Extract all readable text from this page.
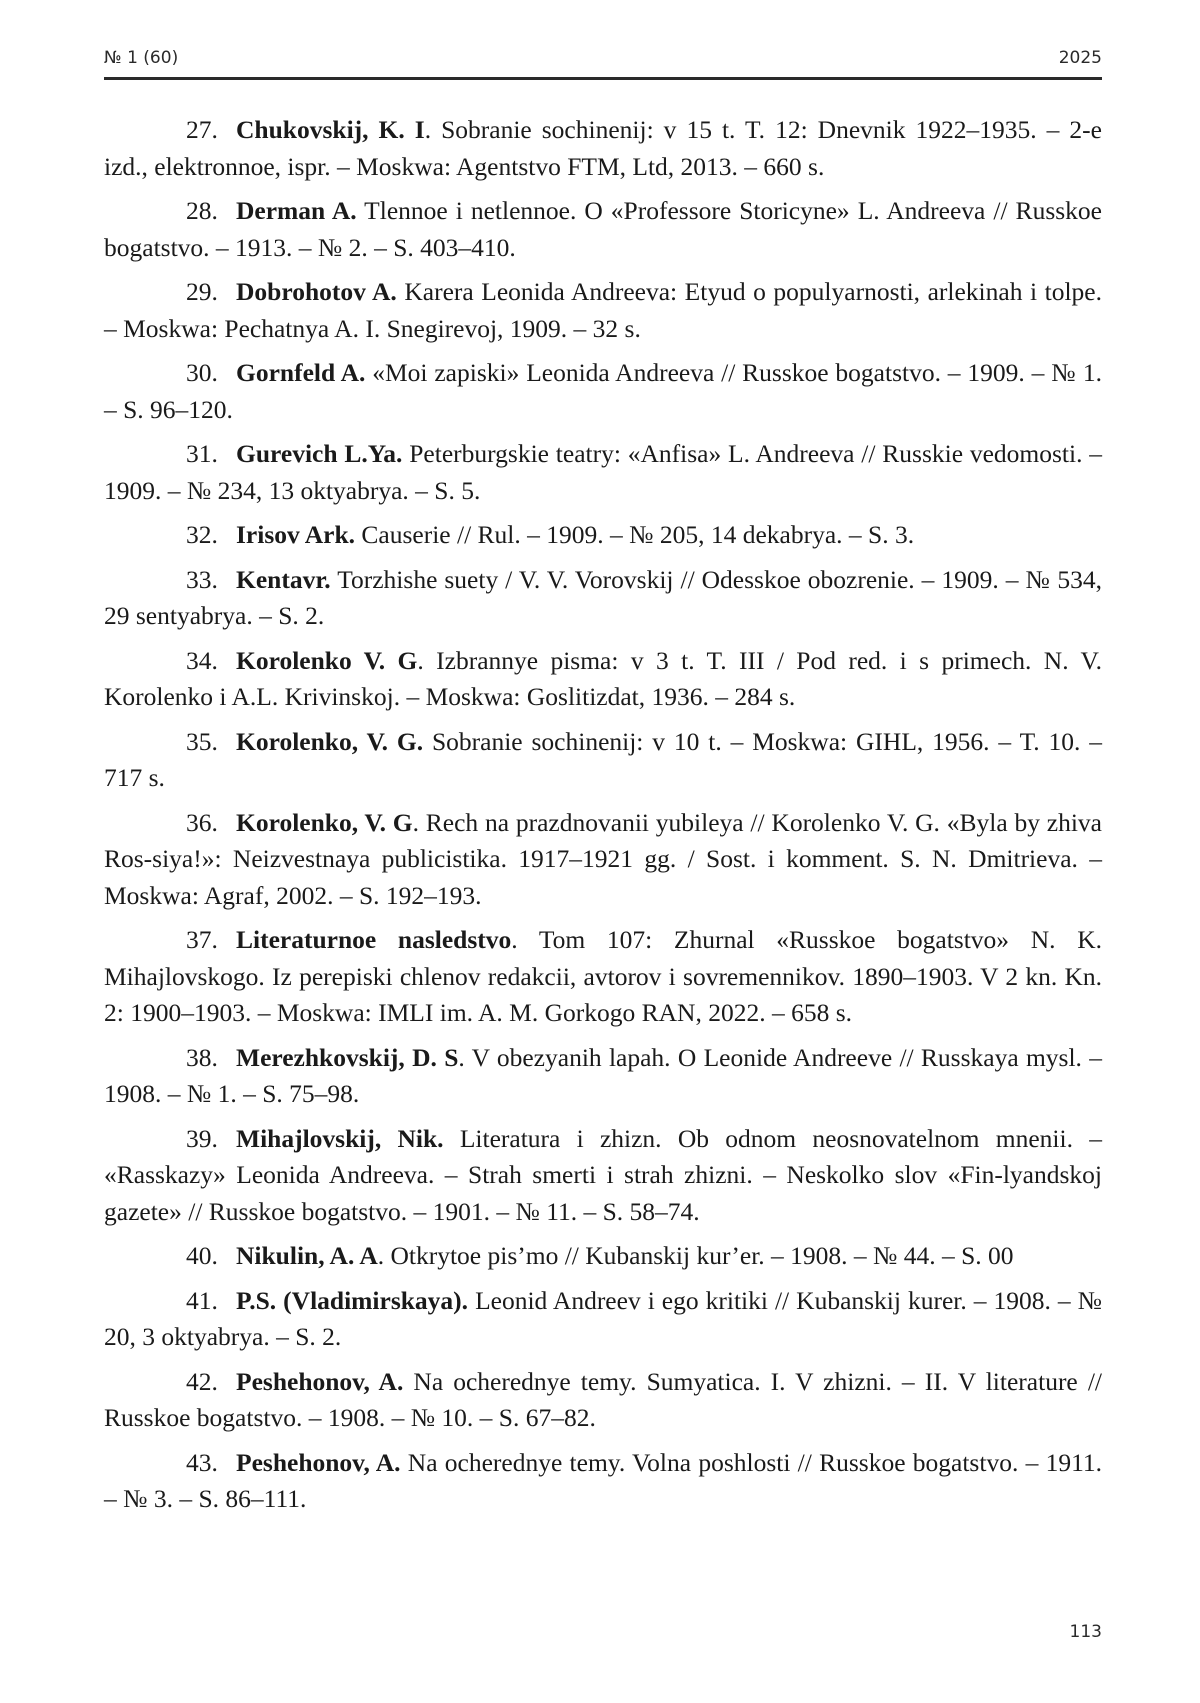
№ 1 (60)	2025

27. Chukovskij, K. I. Sobranie sochinenij: v 15 t. T. 12: Dnevnik 1922–1935. – 2-e izd., elektronnoe, ispr. – Moskwa: Agentstvo FTM, Ltd, 2013. – 660 s.

28. Derman A. Tlennoe i netlennoe. O «Professore Storicyne» L. Andreeva // Russkoe bogatstvo. – 1913. – № 2. – S. 403–410.

29. Dobrohotov A. Karera Leonida Andreeva: Etyud o populyarnosti, arlekinah i tolpe. – Moskwa: Pechatnya A. I. Snegirevoj, 1909. – 32 s.

30. Gornfeld A. «Moi zapiski» Leonida Andreeva // Russkoe bogatstvo. – 1909. – № 1. – S. 96–120.

31. Gurevich L.Ya. Peterburgskie teatry: «Anfisa» L. Andreeva // Russkie vedomosti. – 1909. – № 234, 13 oktyabrya. – S. 5.

32. Irisov Ark. Causerie // Rul. – 1909. – № 205, 14 dekabrya. – S. 3.

33. Kentavr. Torzhishe suety / V. V. Vorovskij // Odesskoe obozrenie. – 1909. – № 534, 29 sentyabrya. – S. 2.

34. Korolenko V. G. Izbrannye pisma: v 3 t. T. III / Pod red. i s primech. N. V. Korolenko i A.L. Krivinskoj. – Moskwa: Goslitizdat, 1936. – 284 s.

35. Korolenko, V. G. Sobranie sochinenij: v 10 t. – Moskwa: GIHL, 1956. – T. 10. – 717 s.

36. Korolenko, V. G. Rech na prazdnovanii yubileya // Korolenko V. G. «Byla by zhiva Ros-siya!»: Neizvestnaya publicistika. 1917–1921 gg. / Sost. i komment. S. N. Dmitrieva. – Moskwa: Agraf, 2002. – S. 192–193.

37. Literaturnoe nasledstvo. Tom 107: Zhurnal «Russkoe bogatstvo» N. K. Mihajlovskogo. Iz perepiski chlenov redakcii, avtorov i sovremennikov. 1890–1903. V 2 kn. Kn. 2: 1900–1903. – Moskwa: IMLI im. A. M. Gorkogo RAN, 2022. – 658 s.

38. Merezhkovskij, D. S. V obezyanih lapah. O Leonide Andreeve // Russkaya mysl. – 1908. – № 1. – S. 75–98.

39. Mihajlovskij, Nik. Literatura i zhizn. Ob odnom neosnovatelnom mnenii. – «Rasskazy» Leonida Andreeva. – Strah smerti i strah zhizni. – Neskolko slov «Fin-lyandskoj gazete» // Russkoe bogatstvo. – 1901. – № 11. – S. 58–74.

40. Nikulin, A. A. Otkrytoe pis’mo // Kubanskij kur’er. – 1908. – № 44. – S. 00

41. P.S. (Vladimirskaya). Leonid Andreev i ego kritiki // Kubanskij kurer. – 1908. – № 20, 3 oktyabrya. – S. 2.

42. Peshehonov, A. Na ocherednye temy. Sumyatica. I. V zhizni. – II. V literature // Russkoe bogatstvo. – 1908. – № 10. – S. 67–82.

43. Peshehonov, A. Na ocherednye temy. Volna poshlosti // Russkoe bogatstvo. – 1911. – № 3. – S. 86–111.

113
